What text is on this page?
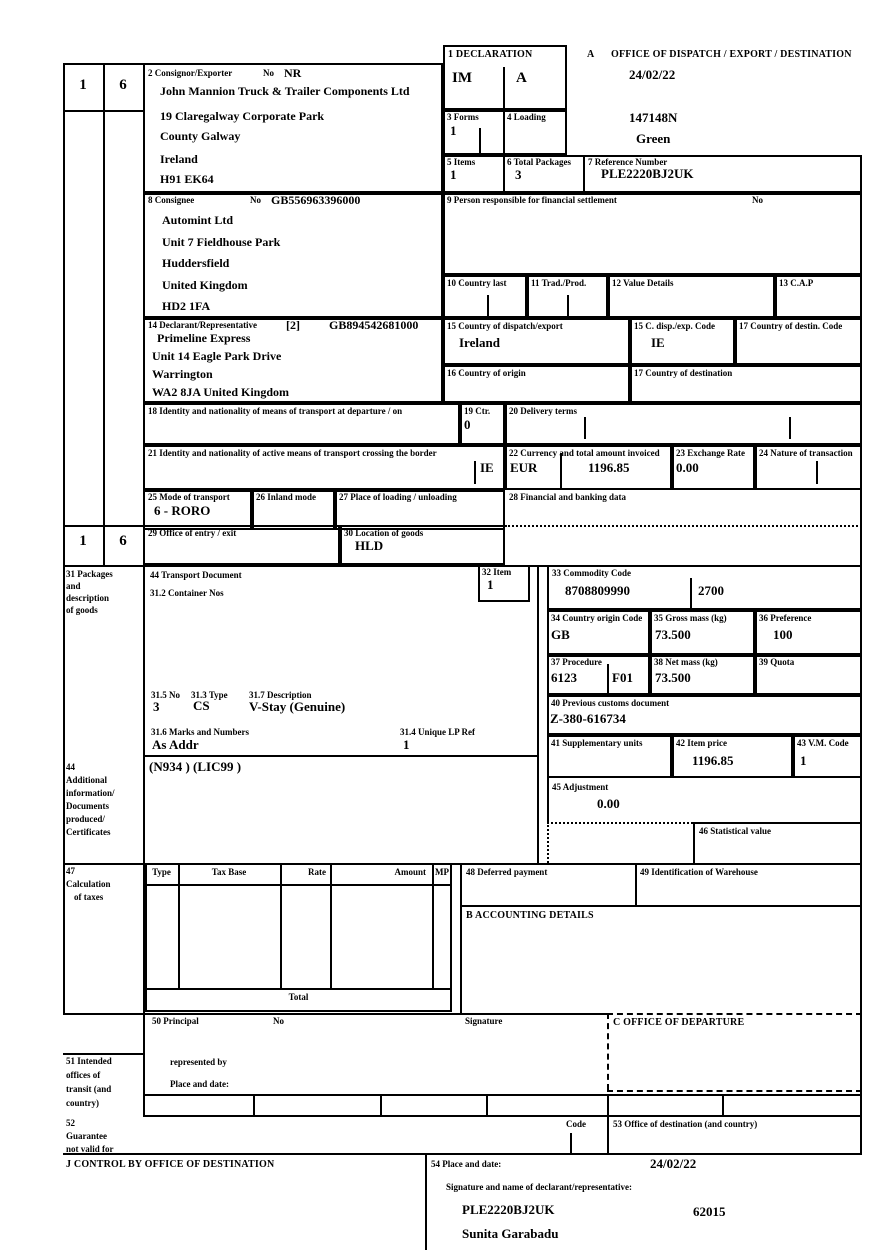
1	6
1	6
1 DECLARATION
IM	A
A OFFICE OF DISPATCH / EXPORT / DESTINATION
24/02/22
147148N
Green
2 Consignor/Exporter	No NR
John Mannion Truck & Trailer Components Ltd
19 Claregalway Corporate Park
County Galway
Ireland
H91 EK64
3 Forms
1
4 Loading
5 Items
1
6 Total Packages
3
7 Reference Number
PLE2220BJ2UK
8 Consignee	No GB556963396000
Automint Ltd
Unit 7 Fieldhouse Park
Huddersfield
United Kingdom
HD2 1FA
9 Person responsible for financial settlement	No
10 Country last	11 Trad./Prod.	12 Value Details	13 C.A.P
14 Declarant/Representative [2] GB894542681000
Primeline Express
Unit 14 Eagle Park Drive
Warrington
WA2 8JA United Kingdom
15 Country of dispatch/export
Ireland
15 C. disp./exp. Code
IE
17 Country of destin. Code
16 Country of origin	17 Country of destination
18 Identity and nationality of means of transport at departure / on	19 Ctr.
0
20 Delivery terms
21 Identity and nationality of active means of transport crossing the border
IE
22 Currency and total amount invoiced
EUR	1196.85
23 Exchange Rate
0.00
24 Nature of transaction
25 Mode of transport
6 - RORO
26 Inland mode	27 Place of loading / unloading	28 Financial and banking data
29 Office of entry / exit	30 Location of goods
HLD
31 Packages
and
description
of goods
44 Transport Document
31.2 Container Nos
32 Item
1
31.5 No 31.3 Type 31.7 Description
3	CS	V-Stay (Genuine)
31.6 Marks and Numbers
As Addr
31.4 Unique LP Ref
1
44
Additional
information/
Documents
produced/
Certificates
(N934 ) (LIC99 )
33 Commodity Code
8708809990	2700
34 Country origin Code
GB
35 Gross mass (kg)
73.500
36 Preference
100
37 Procedure
6123	F01
38 Net mass (kg)
73.500
39 Quota
40 Previous customs document
Z-380-616734
41 Supplementary units	42 Item price
1196.85
43 V.M. Code
1
45 Adjustment
0.00
46 Statistical value
47
Calculation
of taxes
Type	Tax Base	Rate	Amount	MP
Total
48 Deferred payment	49 Identification of Warehouse
B ACCOUNTING DETAILS
50 Principal	No	Signature
represented by
Place and date:
51 Intended
offices of
transit (and
country)
C OFFICE OF DEPARTURE
52
Guarantee
not valid for
Code	53 Office of destination (and country)
J CONTROL BY OFFICE OF DESTINATION	54 Place and date:	24/02/22
Signature and name of declarant/representative:
PLE2220BJ2UK	62015
Sunita Garabadu
